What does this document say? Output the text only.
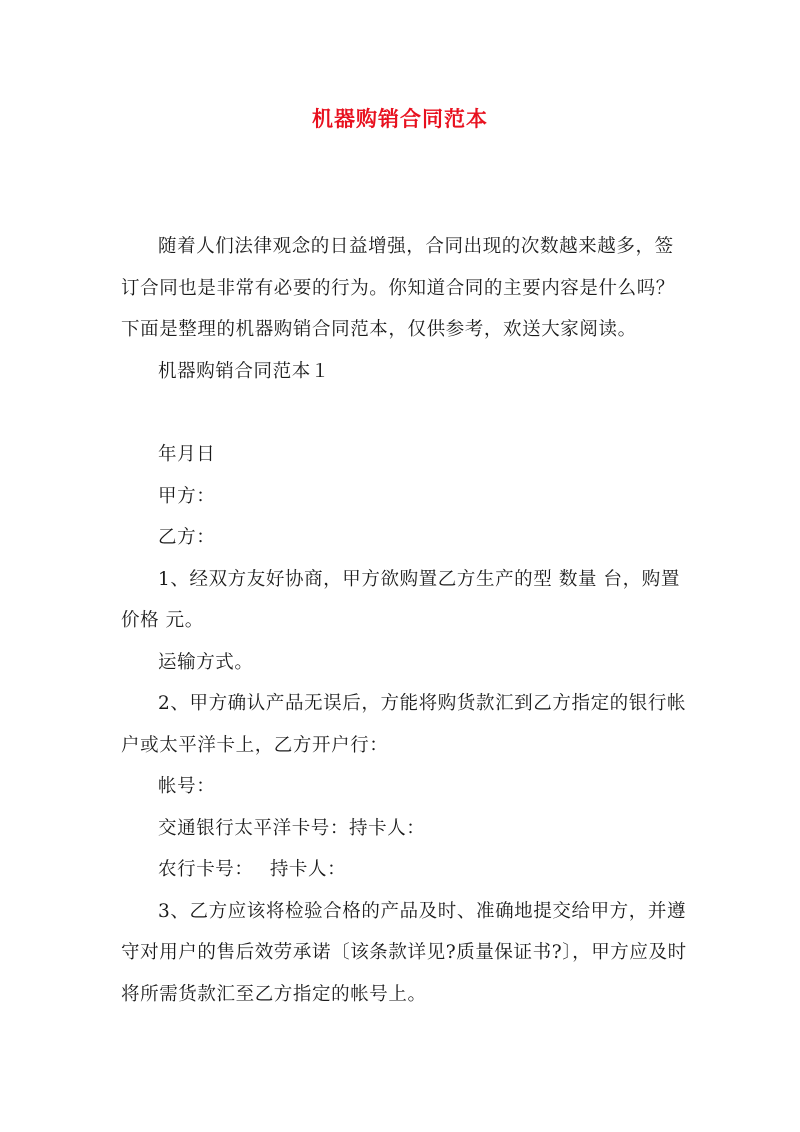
机器购销合同范本

随着人们法律观念的日益增强，合同出现的次数越来越多，签订合同也是非常有必要的行为。你知道合同的主要内容是什么吗？下面是整理的机器购销合同范本，仅供参考，欢送大家阅读。

机器购销合同范本１

年月日

甲方：

乙方：

1、经双方友好协商，甲方欲购置乙方生产的型 数量 台，购置价格 元。

运输方式。

2、甲方确认产品无误后，方能将购货款汇到乙方指定的银行帐户或太平洋卡上，乙方开户行：

帐号：

交通银行太平洋卡号：持卡人：

农行卡号：　 持卡人：

3、乙方应该将检验合格的产品及时、准确地提交给甲方，并遵守对用户的售后效劳承诺〔该条款详见?质量保证书?〕，甲方应及时将所需货款汇至乙方指定的帐号上。
